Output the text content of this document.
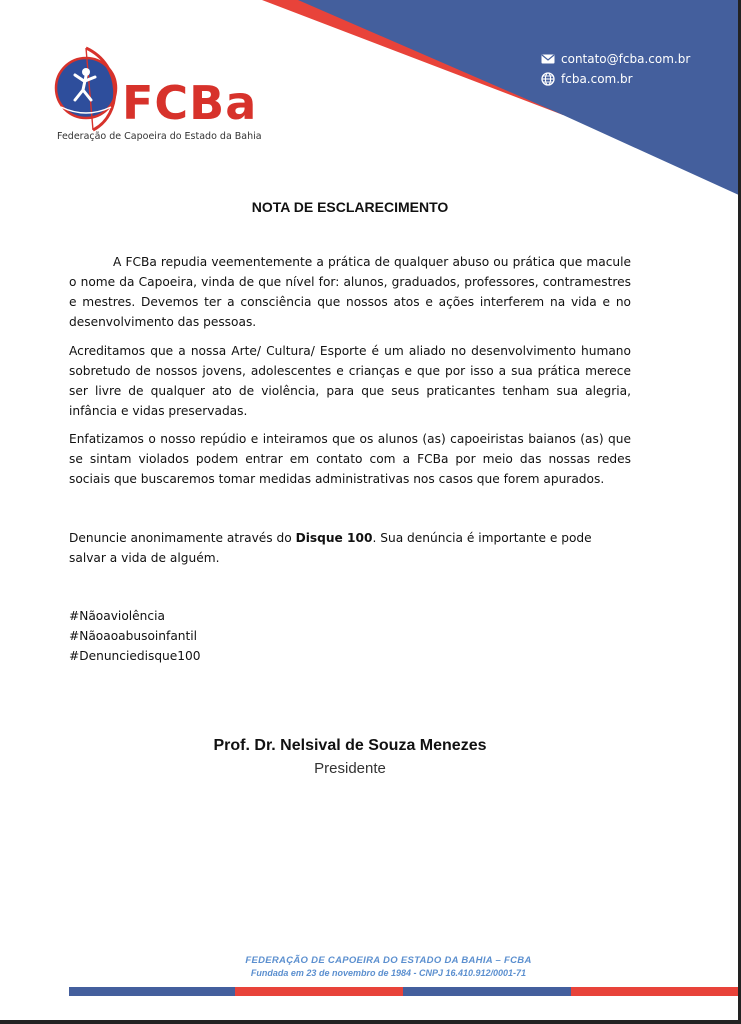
contato@fcba.com.br
fcba.com.br
FCBa
Federação de Capoeira do Estado da Bahia
NOTA DE ESCLARECIMENTO

A FCBa repudia veementemente a prática de qualquer abuso ou prática que macule o nome da Capoeira, vinda de que nível for: alunos, graduados, professores, contramestres e mestres. Devemos ter a consciência que nossos atos e ações interferem na vida e no desenvolvimento das pessoas.

Acreditamos que a nossa Arte/ Cultura/ Esporte é um aliado no desenvolvimento humano sobretudo de nossos jovens, adolescentes e crianças e que por isso a sua prática merece ser livre de qualquer ato de violência, para que seus praticantes tenham sua alegria, infância e vidas preservadas.

Enfatizamos o nosso repúdio e inteiramos que os alunos (as) capoeiristas baianos (as) que se sintam violados podem entrar em contato com a FCBa por meio das nossas redes sociais que buscaremos tomar medidas administrativas nos casos que forem apurados.

Denuncie anonimamente através do Disque 100. Sua denúncia é importante e pode salvar a vida de alguém.

#Nãoaviolência
#Nãoaoabusoinfantil
#Denunciedisque100
Prof. Dr. Nelsival de Souza Menezes
Presidente
FEDERAÇÃO DE CAPOEIRA DO ESTADO DA BAHIA – FCBA
Fundada em 23 de novembro de 1984 - CNPJ 16.410.912/0001-71
